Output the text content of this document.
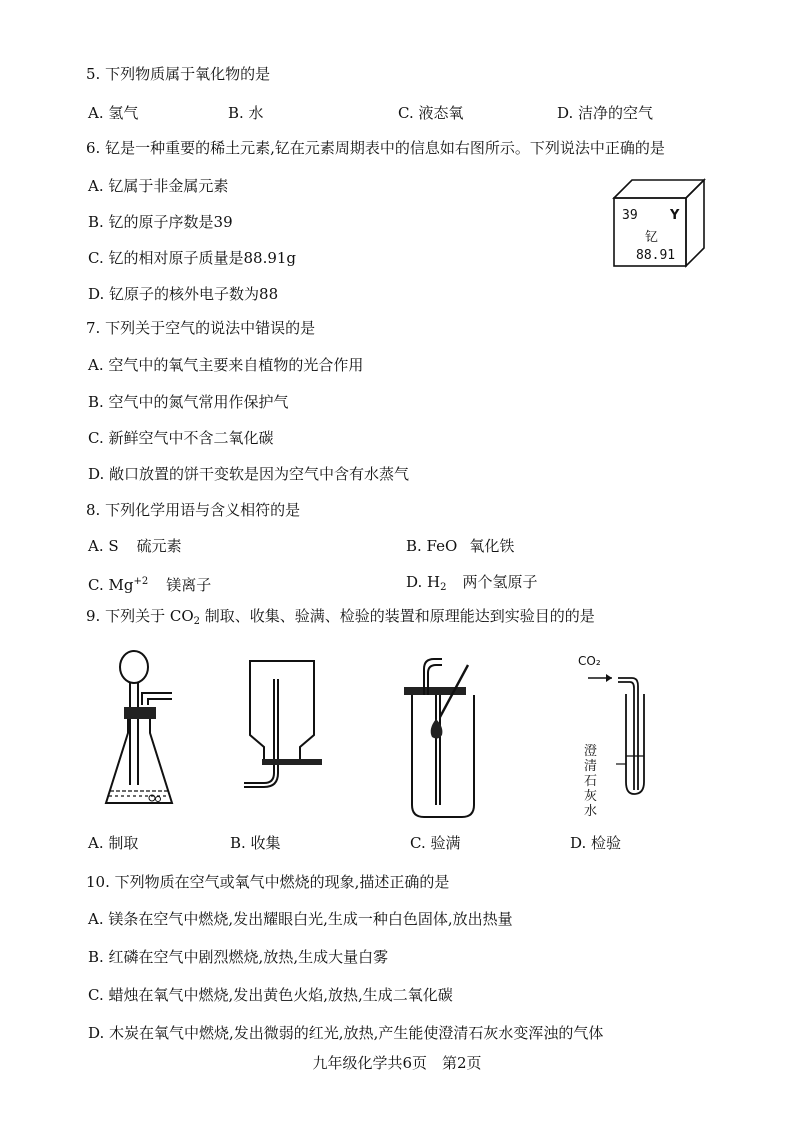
5. 下列物质属于氧化物的是
A. 氢气	B. 水	C. 液态氧	D. 洁净的空气
6. 钇是一种重要的稀土元素,钇在元素周期表中的信息如右图所示。下列说法中正确的是
A. 钇属于非金属元素
B. 钇的原子序数是39
C. 钇的相对原子质量是88.91g
D. 钇原子的核外电子数为88
39 Y
钇
88.91
7. 下列关于空气的说法中错误的是
A. 空气中的氧气主要来自植物的光合作用
B. 空气中的氮气常用作保护气
C. 新鲜空气中不含二氧化碳
D. 敞口放置的饼干变软是因为空气中含有水蒸气
8. 下列化学用语与含义相符的是
A. S 硫元素	B. FeO 氧化铁
C. $Mg^{+2}$ 镁离子	D. $H_2$ 两个氢原子
9. 下列关于 $CO_2$ 制取、收集、验满、检验的装置和原理能达到实验目的的是
CO₂
澄清石灰水
A. 制取	B. 收集	C. 验满	D. 检验
10. 下列物质在空气或氧气中燃烧的现象,描述正确的是
A. 镁条在空气中燃烧,发出耀眼白光,生成一种白色固体,放出热量
B. 红磷在空气中剧烈燃烧,放热,生成大量白雾
C. 蜡烛在氧气中燃烧,发出黄色火焰,放热,生成二氧化碳
D. 木炭在氧气中燃烧,发出微弱的红光,放热,产生能使澄清石灰水变浑浊的气体
九年级化学共6页　第2页
